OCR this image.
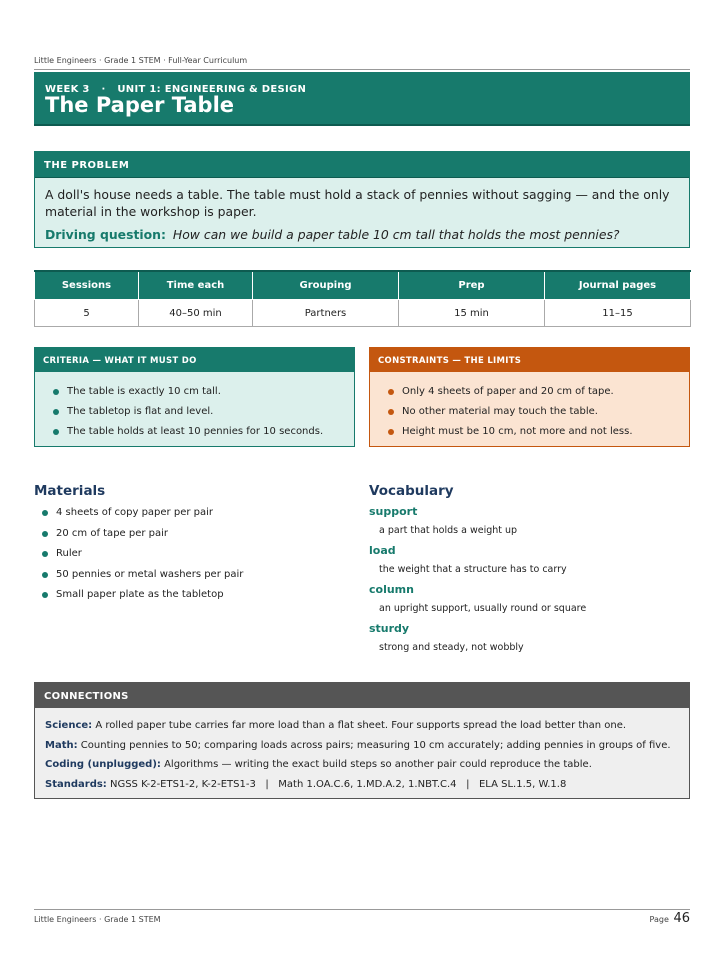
Little Engineers · Grade 1 STEM · Full-Year Curriculum
WEEK 3 · UNIT 1: ENGINEERING & DESIGN
The Paper Table
THE PROBLEM
A doll's house needs a table. The table must hold a stack of pennies without sagging — and the only material in the workshop is paper.
Driving question: How can we build a paper table 10 cm tall that holds the most pennies?
Sessions	Time each	Grouping	Prep	Journal pages
5	40–50 min	Partners	15 min	11–15
CRITERIA — WHAT IT MUST DO
The table is exactly 10 cm tall.
The tabletop is flat and level.
The table holds at least 10 pennies for 10 seconds.
CONSTRAINTS — THE LIMITS
Only 4 sheets of paper and 20 cm of tape.
No other material may touch the table.
Height must be 10 cm, not more and not less.
Materials
4 sheets of copy paper per pair
20 cm of tape per pair
Ruler
50 pennies or metal washers per pair
Small paper plate as the tabletop
Vocabulary
support
a part that holds a weight up
load
the weight that a structure has to carry
column
an upright support, usually round or square
sturdy
strong and steady, not wobbly
CONNECTIONS

Science: A rolled paper tube carries far more load than a flat sheet. Four supports spread the load better than one.

Math: Counting pennies to 50; comparing loads across pairs; measuring 10 cm accurately; adding pennies in groups of five.

Coding (unplugged): Algorithms — writing the exact build steps so another pair could reproduce the table.

Standards: NGSS K-2-ETS1-2, K-2-ETS1-3   |   Math 1.OA.C.6, 1.MD.A.2, 1.NBT.C.4   |   ELA SL.1.5, W.1.8

Little Engineers · Grade 1 STEM	Page 46
